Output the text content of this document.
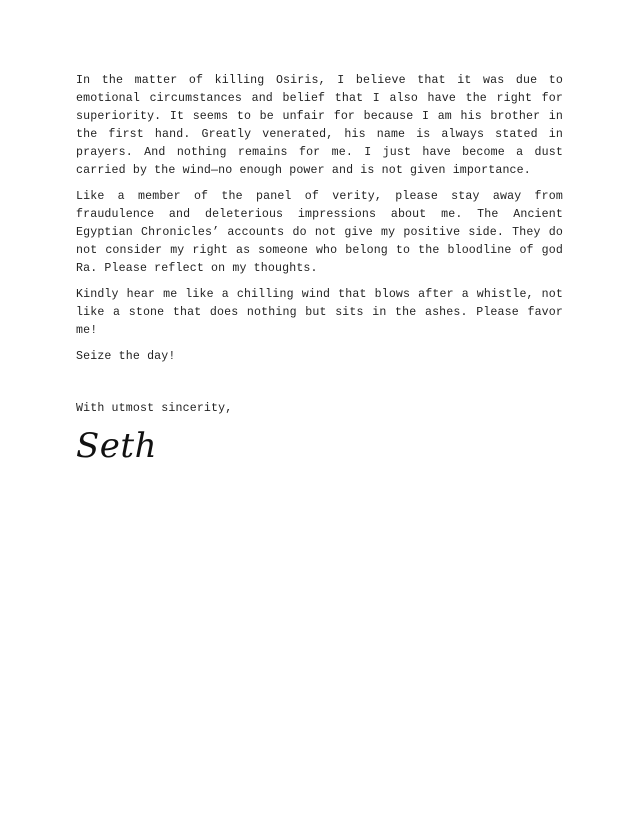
In the matter of killing Osiris, I believe that it was due to emotional circumstances and belief that I also have the right for superiority. It seems to be unfair for because I am his brother in the first hand. Greatly venerated, his name is always stated in prayers. And nothing remains for me. I just have become a dust carried by the wind—no enough power and is not given importance.

Like a member of the panel of verity, please stay away from fraudulence and deleterious impressions about me. The Ancient Egyptian Chronicles’ accounts do not give my positive side. They do not consider my right as someone who belong to the bloodline of god Ra. Please reflect on my thoughts.

Kindly hear me like a chilling wind that blows after a whistle, not like a stone that does nothing but sits in the ashes. Please favor me!

Seize the day!

With utmost sincerity,

Seth
